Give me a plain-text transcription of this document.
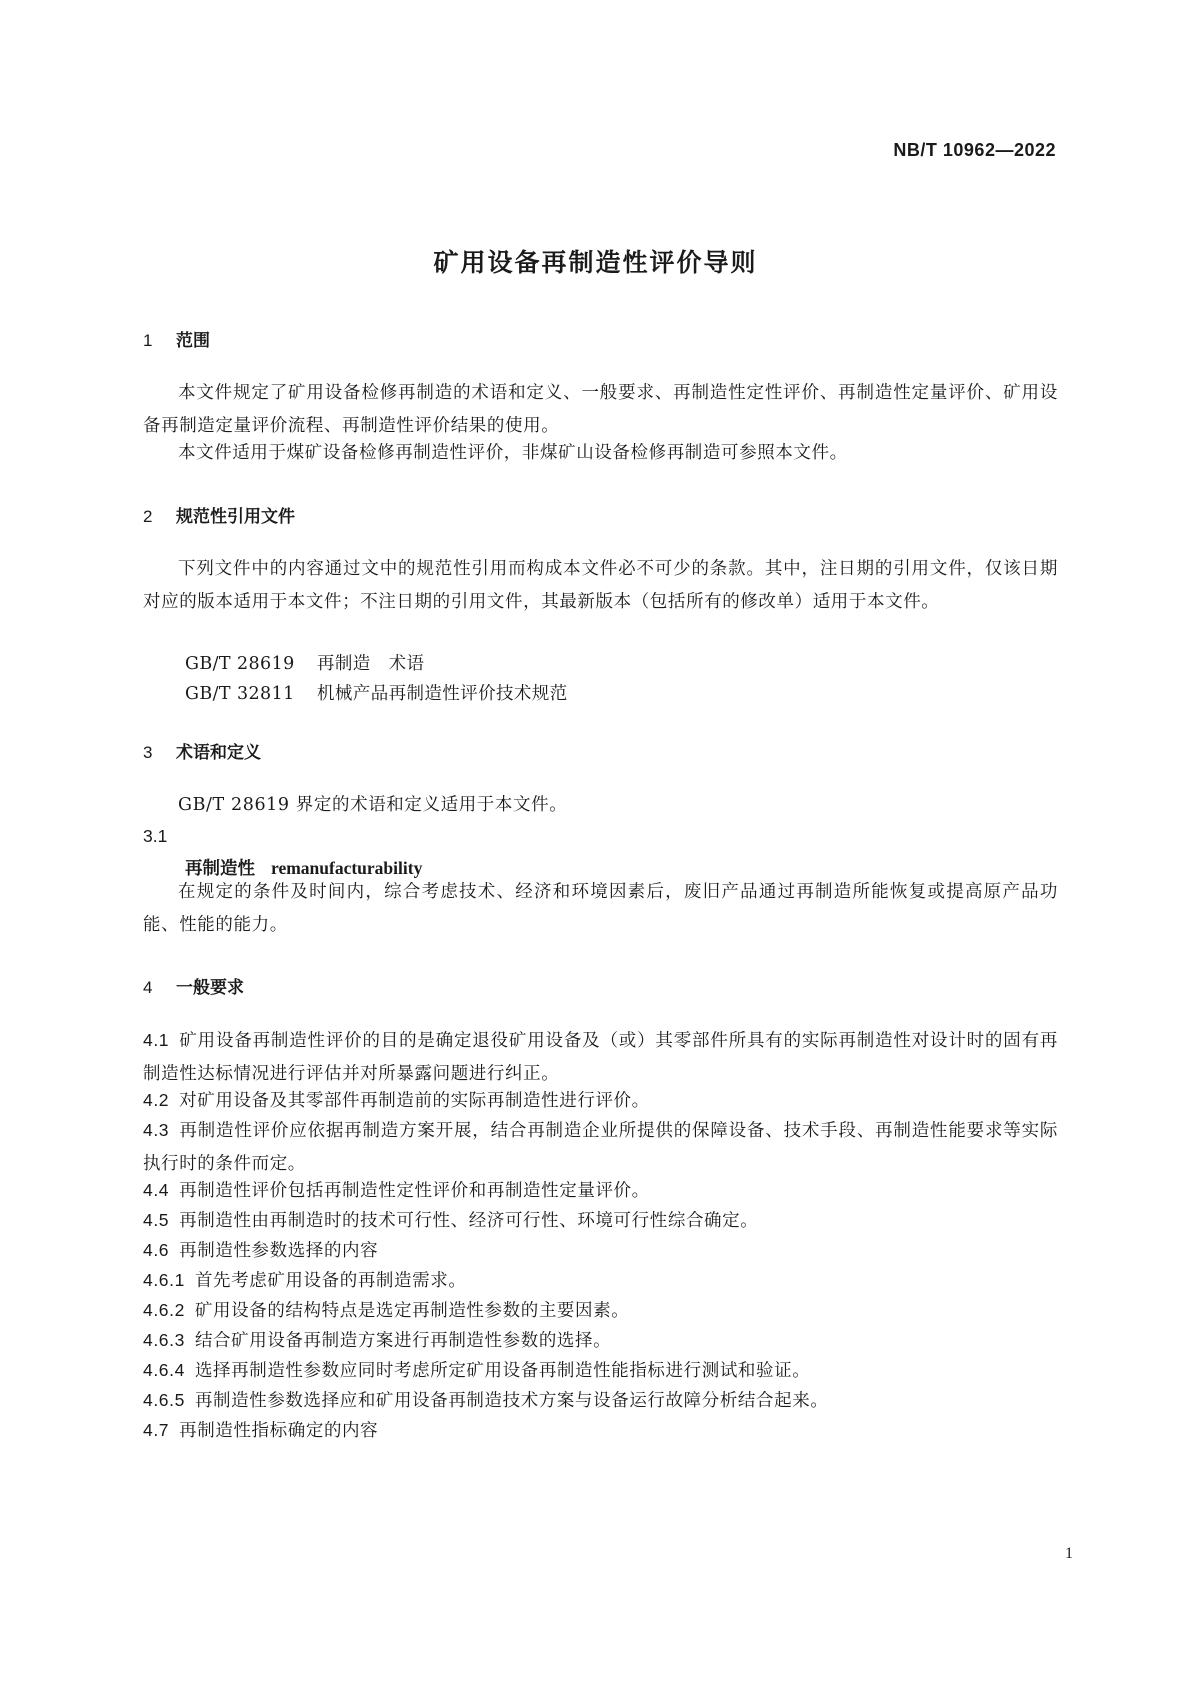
NB/T 10962—2022
矿用设备再制造性评价导则
1 范围
本文件规定了矿用设备检修再制造的术语和定义、一般要求、再制造性定性评价、再制造性定量评价、矿用设备再制造定量评价流程、再制造性评价结果的使用。
本文件适用于煤矿设备检修再制造性评价，非煤矿山设备检修再制造可参照本文件。
2 规范性引用文件
下列文件中的内容通过文中的规范性引用而构成本文件必不可少的条款。其中，注日期的引用文件，仅该日期对应的版本适用于本文件；不注日期的引用文件，其最新版本（包括所有的修改单）适用于本文件。
GB/T 28619 再制造　术语
GB/T 32811 机械产品再制造性评价技术规范
3 术语和定义
GB/T 28619 界定的术语和定义适用于本文件。
3.1
再制造性 remanufacturability
在规定的条件及时间内，综合考虑技术、经济和环境因素后，废旧产品通过再制造所能恢复或提高原产品功能、性能的能力。
4 一般要求
4.1 矿用设备再制造性评价的目的是确定退役矿用设备及（或）其零部件所具有的实际再制造性对设计时的固有再制造性达标情况进行评估并对所暴露问题进行纠正。
4.2 对矿用设备及其零部件再制造前的实际再制造性进行评价。
4.3 再制造性评价应依据再制造方案开展，结合再制造企业所提供的保障设备、技术手段、再制造性能要求等实际执行时的条件而定。
4.4 再制造性评价包括再制造性定性评价和再制造性定量评价。
4.5 再制造性由再制造时的技术可行性、经济可行性、环境可行性综合确定。
4.6 再制造性参数选择的内容
4.6.1 首先考虑矿用设备的再制造需求。
4.6.2 矿用设备的结构特点是选定再制造性参数的主要因素。
4.6.3 结合矿用设备再制造方案进行再制造性参数的选择。
4.6.4 选择再制造性参数应同时考虑所定矿用设备再制造性能指标进行测试和验证。
4.6.5 再制造性参数选择应和矿用设备再制造技术方案与设备运行故障分析结合起来。
4.7 再制造性指标确定的内容
1
